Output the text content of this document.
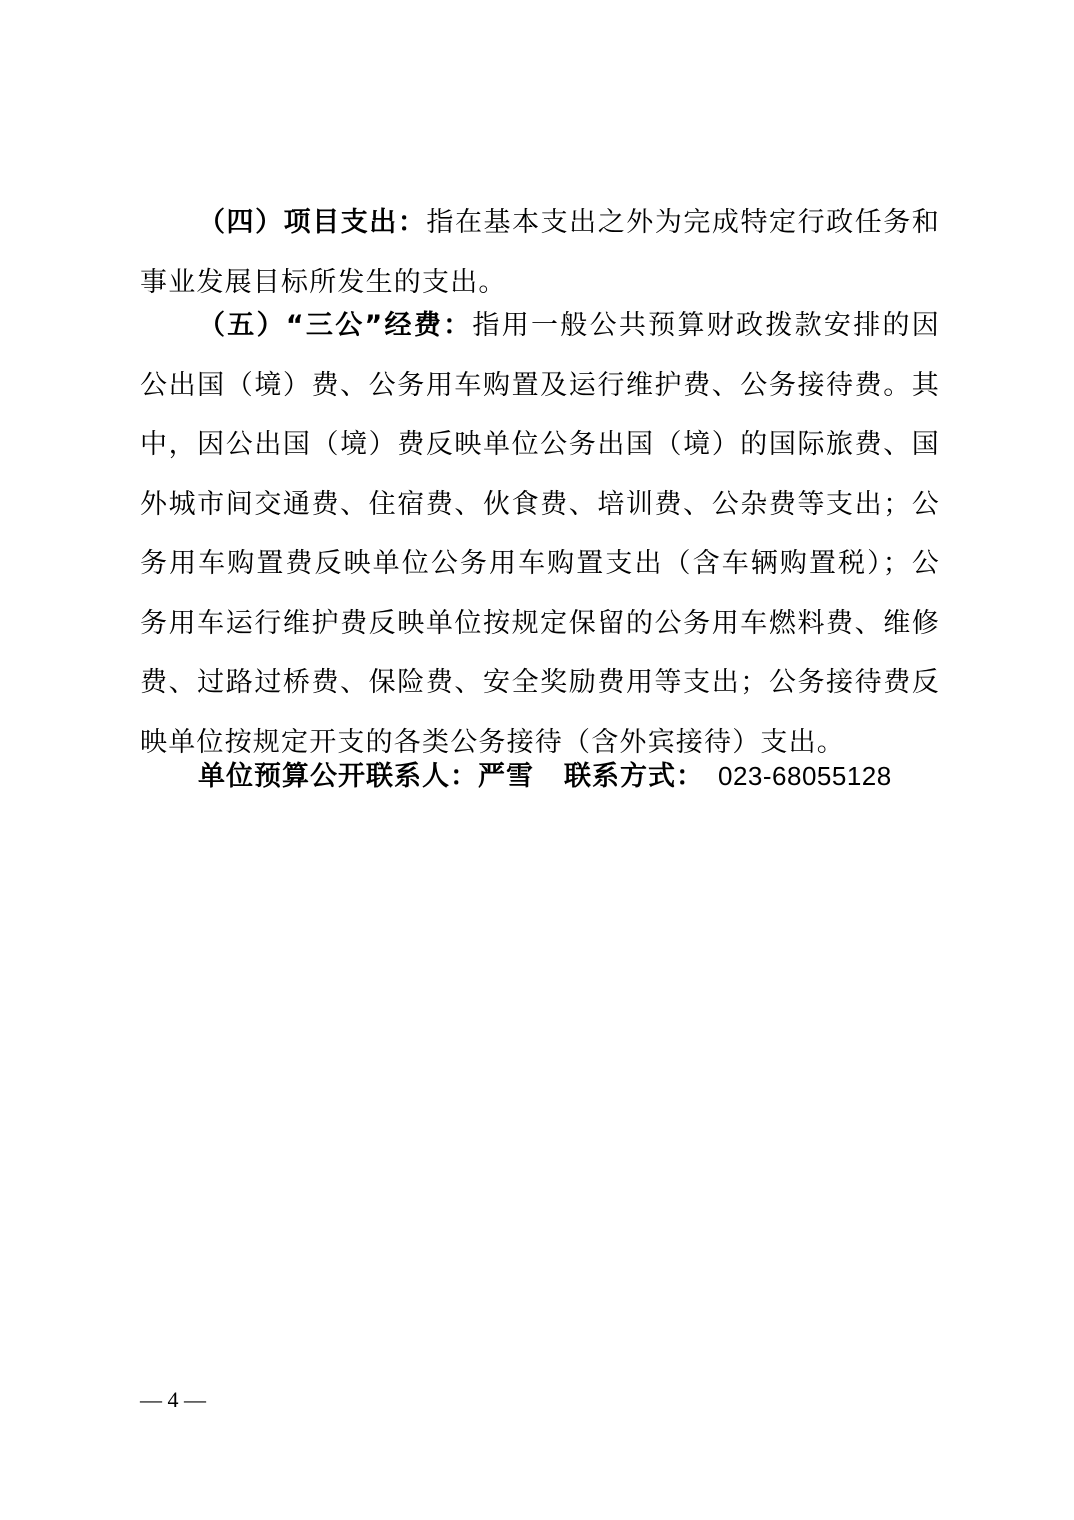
（四）项目支出：指在基本支出之外为完成特定行政任务和事业发展目标所发生的支出。

（五）“三公”经费：指用一般公共预算财政拨款安排的因公出国（境）费、公务用车购置及运行维护费、公务接待费。其中，因公出国（境）费反映单位公务出国（境）的国际旅费、国外城市间交通费、住宿费、伙食费、培训费、公杂费等支出；公务用车购置费反映单位公务用车购置支出（含车辆购置税）；公务用车运行维护费反映单位按规定保留的公务用车燃料费、维修费、过路过桥费、保险费、安全奖励费用等支出；公务接待费反映单位按规定开支的各类公务接待（含外宾接待）支出。

单位预算公开联系人：严雪 联系方式： 023-68055128
— 4 —
